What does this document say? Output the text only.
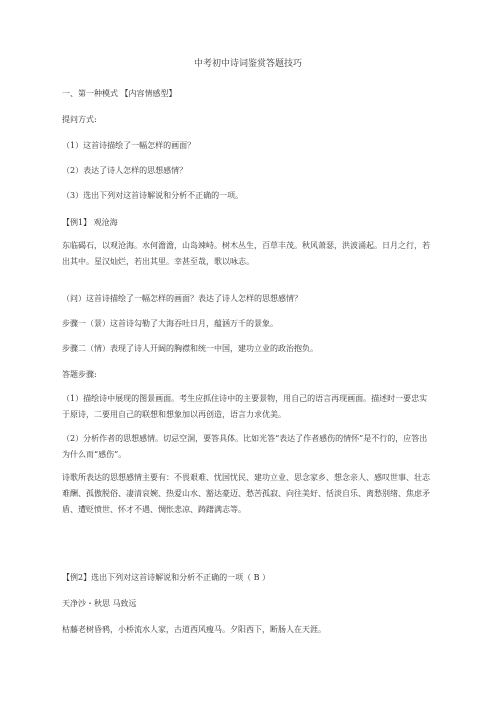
中考初中诗词鉴赏答题技巧
一、第一种模式 【内容情感型】
提问方式:
（1）这首诗描绘了一幅怎样的画面？
（2）表达了诗人怎样的思想感情？
（3）选出下列对这首诗解说和分析不正确的一项。
【例1】 观沧海
东临碣石，以观沧海。水何澹澹，山岛竦峙。树木丛生，百草丰茂。秋风萧瑟，洪波涌起。日月之行，若出其中。星汉灿烂，若出其里。幸甚至哉，歌以咏志。
（问）这首诗描绘了一幅怎样的画面？表达了诗人怎样的思想感情？
步骤一（景）这首诗勾勒了大海吞吐日月，蕴涵万千的景象。
步骤二（情）表现了诗人开阔的胸襟和统一中国，建功立业的政治抱负。
答题步骤:
（1）描绘诗中展现的图景画面。考生应抓住诗中的主要景物，用自己的语言再现画面。描述时一要忠实于原诗，二要用自己的联想和想象加以再创造，语言力求优美。
（2）分析作者的思想感情。切忌空洞，要答具体。比如光答“表达了作者感伤的情怀”是不行的，应答出为什么而“感伤”。
诗歌所表达的思想感情主要有：不畏艰难、忧国忧民、建功立业、思念家乡、想念亲人、感叹世事、壮志难酬、孤傲脱俗、凄清哀婉、热爱山水、豁达豪迈、愁苦孤寂、向往美好、恬淡自乐、离愁别绪、焦虑矛盾、遭贬愤世、怀才不遇、惆怅悲凉、踌躇满志等。
【例2】选出下列对这首诗解说和分析不正确的一项（ B ）
天净沙・秋思 马致远
枯藤老树昏鸦，小桥流水人家，古道西风瘦马。夕阳西下，断肠人在天涯。
